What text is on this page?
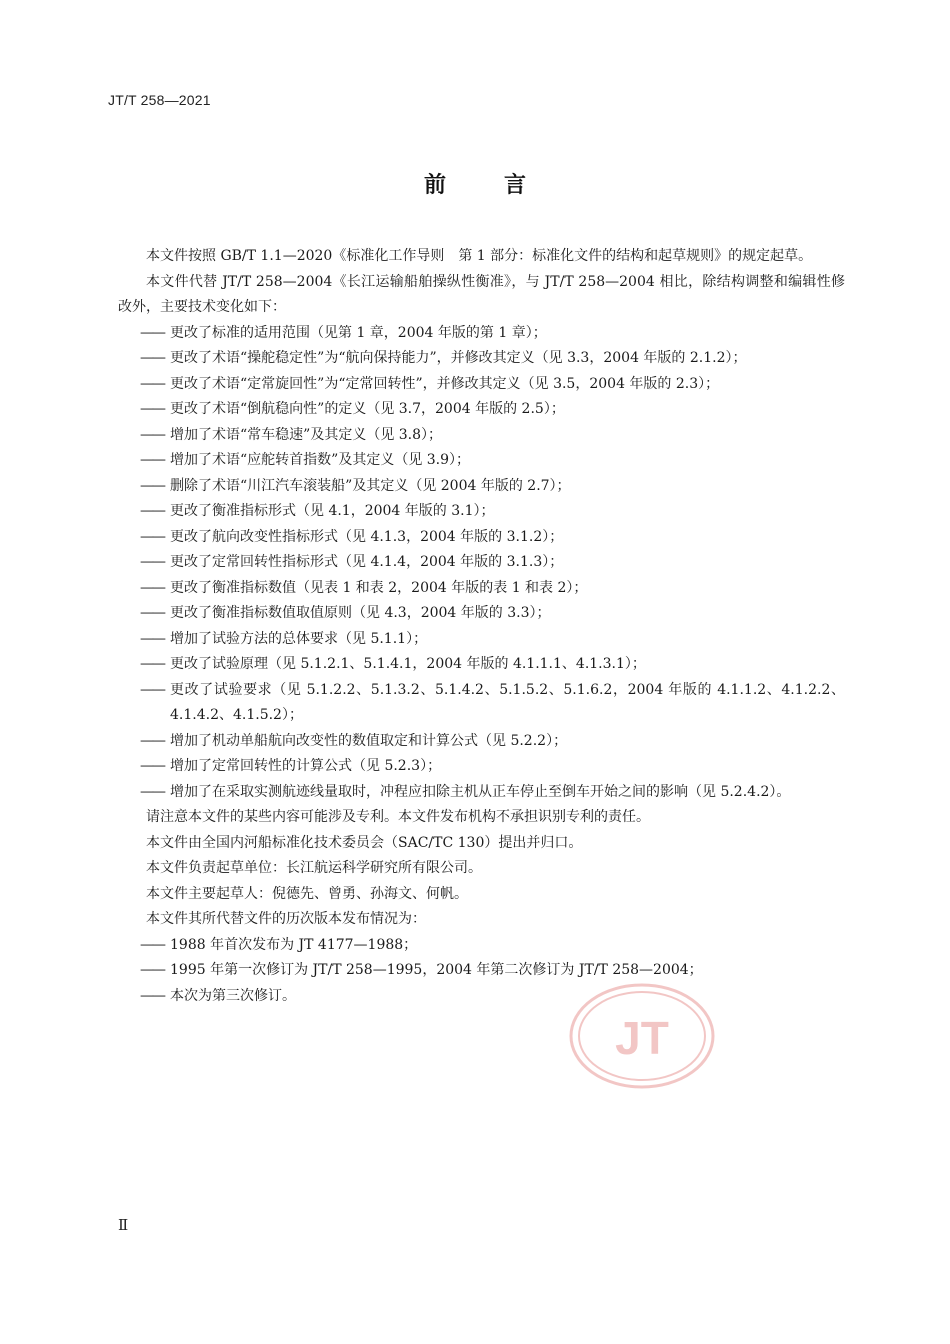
JT/T 258—2021
前言

本文件按照 GB/T 1.1—2020《标准化工作导则　第 1 部分：标准化文件的结构和起草规则》的规定起草。

本文件代替 JT/T 258—2004《长江运输船舶操纵性衡准》，与 JT/T 258—2004 相比，除结构调整和编辑性修改外，主要技术变化如下：

—— 更改了标准的适用范围（见第 1 章，2004 年版的第 1 章）；

—— 更改了术语“操舵稳定性”为“航向保持能力”，并修改其定义（见 3.3，2004 年版的 2.1.2）；

—— 更改了术语“定常旋回性”为“定常回转性”，并修改其定义（见 3.5，2004 年版的 2.3）；

—— 更改了术语“倒航稳向性”的定义（见 3.7，2004 年版的 2.5）；

—— 增加了术语“常车稳速”及其定义（见 3.8）；

—— 增加了术语“应舵转首指数”及其定义（见 3.9）；

—— 删除了术语“川江汽车滚装船”及其定义（见 2004 年版的 2.7）；

—— 更改了衡准指标形式（见 4.1，2004 年版的 3.1）；

—— 更改了航向改变性指标形式（见 4.1.3，2004 年版的 3.1.2）；

—— 更改了定常回转性指标形式（见 4.1.4，2004 年版的 3.1.3）；

—— 更改了衡准指标数值（见表 1 和表 2，2004 年版的表 1 和表 2）；

—— 更改了衡准指标数值取值原则（见 4.3，2004 年版的 3.3）；

—— 增加了试验方法的总体要求（见 5.1.1）；

—— 更改了试验原理（见 5.1.2.1、5.1.4.1，2004 年版的 4.1.1.1、4.1.3.1）；

—— 更改了试验要求（见 5.1.2.2、5.1.3.2、5.1.4.2、5.1.5.2、5.1.6.2，2004 年版的 4.1.1.2、4.1.2.2、4.1.4.2、4.1.5.2）；

—— 增加了机动单船航向改变性的数值取定和计算公式（见 5.2.2）；

—— 增加了定常回转性的计算公式（见 5.2.3）；

—— 增加了在采取实测航迹线量取时，冲程应扣除主机从正车停止至倒车开始之间的影响（见 5.2.4.2）。

请注意本文件的某些内容可能涉及专利。本文件发布机构不承担识别专利的责任。

本文件由全国内河船标准化技术委员会（SAC/TC 130）提出并归口。

本文件负责起草单位：长江航运科学研究所有限公司。

本文件主要起草人：倪德先、曾勇、孙海文、何帆。

本文件其所代替文件的历次版本发布情况为：

—— 1988 年首次发布为 JT 4177—1988；

—— 1995 年第一次修订为 JT/T 258—1995，2004 年第二次修订为 JT/T 258—2004；

—— 本次为第三次修订。

JT
Ⅱ
